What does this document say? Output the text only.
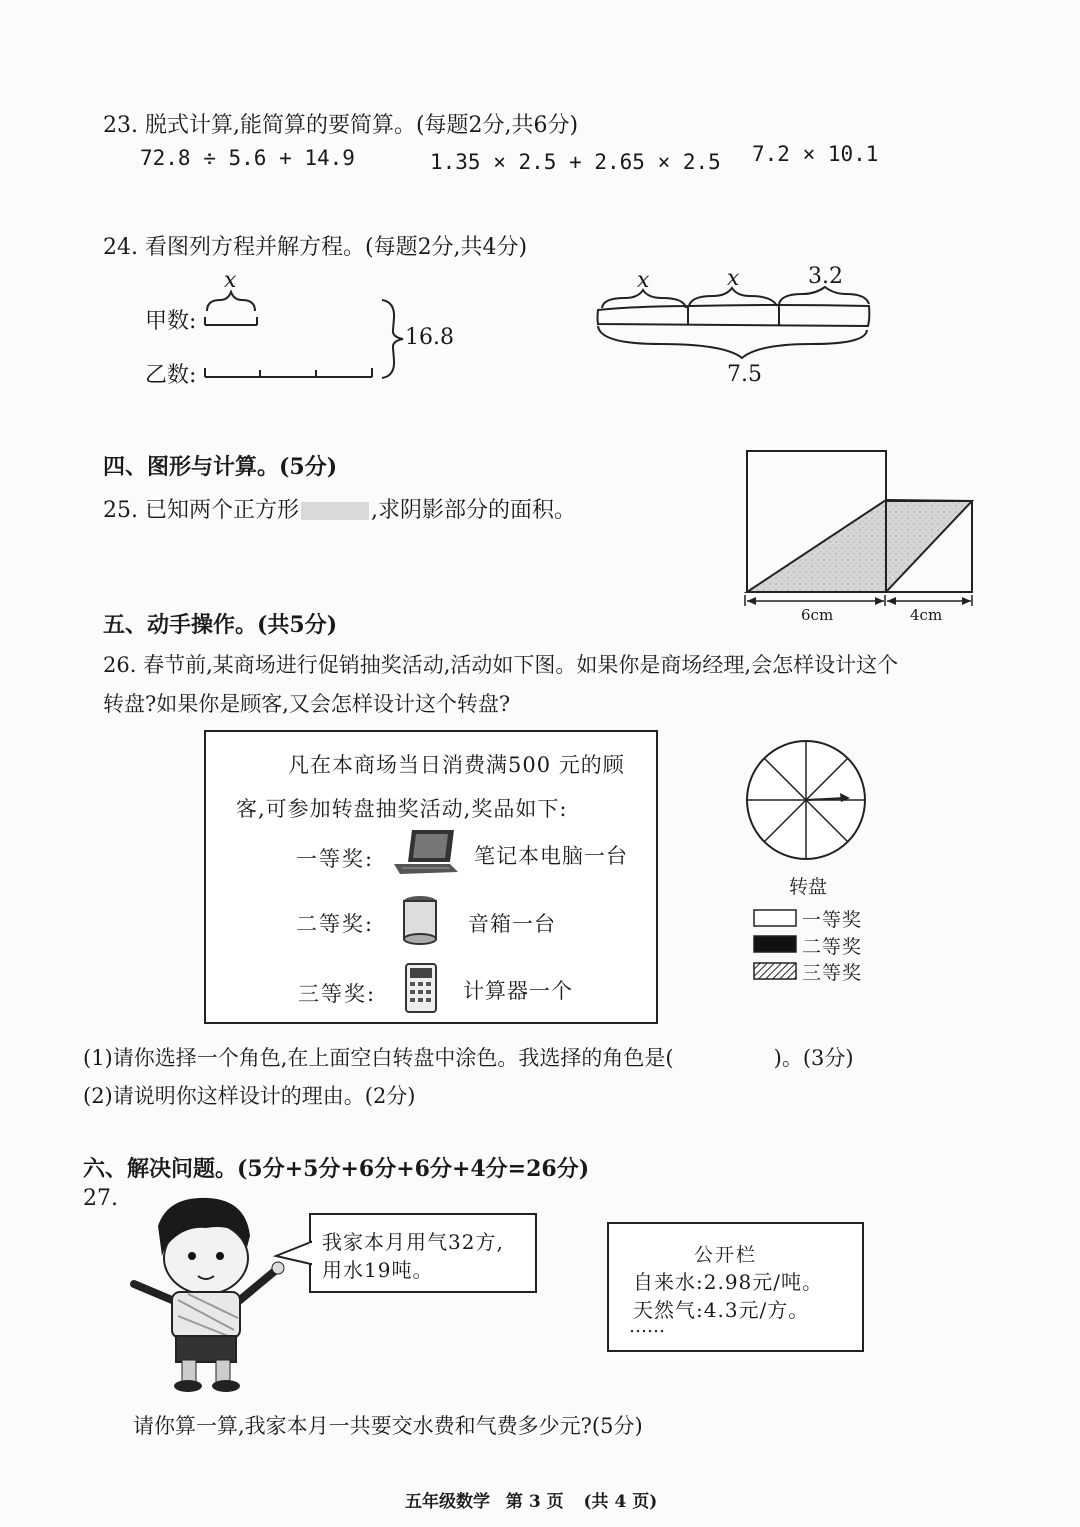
23. 脱式计算,能简算的要简算。(每题2分,共6分)
72.8 ÷ 5.6 + 14.9	1.35 × 2.5 + 2.65 × 2.5 7.2 × 10.1
24. 看图列方程并解方程。(每题2分,共4分)
x
甲数:
乙数:
16.8
x	x	3.2
7.5
四、图形与计算。(5分)
25. 已知两个正方形	,求阴影部分的面积。
6cm	4cm
五、动手操作。(共5分)
26. 春节前,某商场进行促销抽奖活动,活动如下图。如果你是商场经理,会怎样设计这个
转盘?如果你是顾客,又会怎样设计这个转盘?
凡在本商场当日消费满500 元的顾
客,可参加转盘抽奖活动,奖品如下:
一等奖:	笔记本电脑一台
二等奖:	音箱一台
三等奖:	计算器一个
转盘
一等奖
二等奖
三等奖
(1)请你选择一个角色,在上面空白转盘中涂色。我选择的角色是(	)。(3分)
(2)请说明你这样设计的理由。(2分)
六、解决问题。(5分+5分+6分+6分+4分=26分)
27.
我家本月用气32方,
用水19吨。
公开栏
自来水:2.98元/吨。
天然气:4.3元/方。
……
请你算一算,我家本月一共要交水费和气费多少元?(5分)
五年级数学 第 3 页 (共 4 页)
